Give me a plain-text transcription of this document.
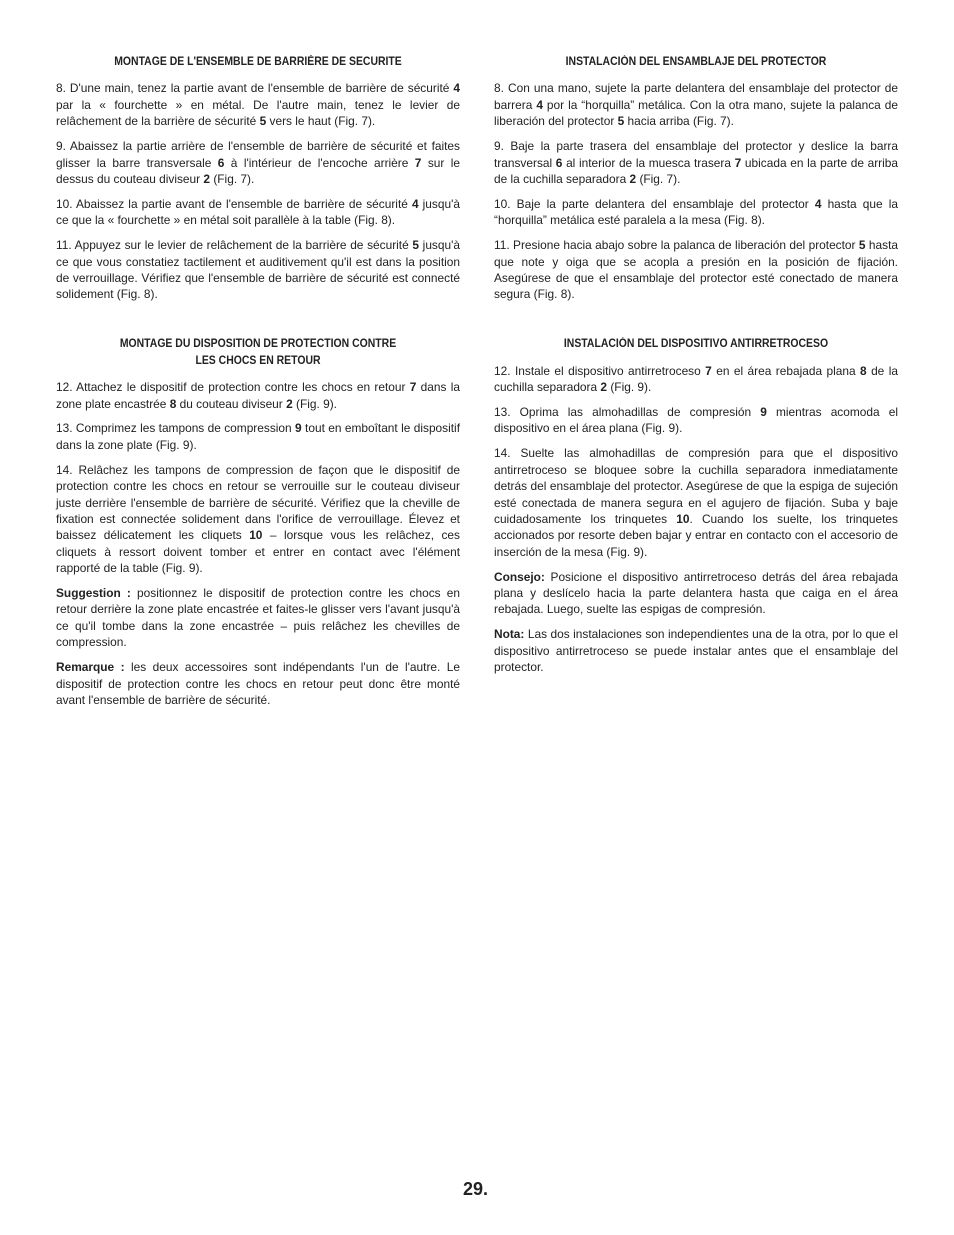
MONTAGE DE L'ENSEMBLE DE BARRIÈRE DE SECURITE

8. D'une main, tenez la partie avant de l'ensemble de barrière de sécurité 4 par la « fourchette » en métal. De l'autre main, tenez le levier de relâchement de la barrière de sécurité 5 vers le haut (Fig. 7).

9. Abaissez la partie arrière de l'ensemble de barrière de sécurité et faites glisser la barre transversale 6 à l'intérieur de l'encoche arrière 7 sur le dessus du couteau diviseur 2 (Fig. 7).

10. Abaissez la partie avant de l'ensemble de barrière de sécurité 4 jusqu'à ce que la « fourchette » en métal soit parallèle à la table (Fig. 8).

11. Appuyez sur le levier de relâchement de la barrière de sécurité 5 jusqu'à ce que vous constatiez tactilement et auditivement qu'il est dans la position de verrouillage. Vérifiez que l'ensemble de barrière de sécurité est connecté solidement (Fig. 8).

MONTAGE DU DISPOSITION DE PROTECTION CONTRE
LES CHOCS EN RETOUR

12. Attachez le dispositif de protection contre les chocs en retour 7 dans la zone plate encastrée 8 du couteau diviseur 2 (Fig. 9).

13. Comprimez les tampons de compression 9 tout en emboîtant le dispositif dans la zone plate (Fig. 9).

14. Relâchez les tampons de compression de façon que le dispositif de protection contre les chocs en retour se verrouille sur le couteau diviseur juste derrière l'ensemble de barrière de sécurité. Vérifiez que la cheville de fixation est connectée solidement dans l'orifice de verrouillage. Élevez et baissez délicatement les cliquets 10 – lorsque vous les relâchez, ces cliquets à ressort doivent tomber et entrer en contact avec l'élément rapporté de la table (Fig. 9).

Suggestion : positionnez le dispositif de protection contre les chocs en retour derrière la zone plate encastrée et faites-le glisser vers l'avant jusqu'à ce qu'il tombe dans la zone encastrée – puis relâchez les chevilles de compression.

Remarque : les deux accessoires sont indépendants l'un de l'autre. Le dispositif de protection contre les chocs en retour peut donc être monté avant l'ensemble de barrière de sécurité.

INSTALACIÓN DEL ENSAMBLAJE DEL PROTECTOR

8. Con una mano, sujete la parte delantera del ensamblaje del protector de barrera 4 por la “horquilla” metálica. Con la otra mano, sujete la palanca de liberación del protector 5 hacia arriba (Fig. 7).

9. Baje la parte trasera del ensamblaje del protector y deslice la barra transversal 6 al interior de la muesca trasera 7 ubicada en la parte de arriba de la cuchilla separadora 2 (Fig. 7).

10. Baje la parte delantera del ensamblaje del protector 4 hasta que la “horquilla” metálica esté paralela a la mesa (Fig. 8).

11. Presione hacia abajo sobre la palanca de liberación del protector 5 hasta que note y oiga que se acopla a presión en la posición de fijación. Asegúrese de que el ensamblaje del protector esté conectado de manera segura (Fig. 8).

INSTALACIÓN DEL DISPOSITIVO ANTIRRETROCESO

12. Instale el dispositivo antirretroceso 7 en el área rebajada plana 8 de la cuchilla separadora 2 (Fig. 9).

13. Oprima las almohadillas de compresión 9 mientras acomoda el dispositivo en el área plana (Fig. 9).

14. Suelte las almohadillas de compresión para que el dispositivo antirretroceso se bloquee sobre la cuchilla separadora inmediatamente detrás del ensamblaje del protector. Asegúrese de que la espiga de sujeción esté conectada de manera segura en el agujero de fijación. Suba y baje cuidadosamente los trinquetes 10. Cuando los suelte, los trinquetes accionados por resorte deben bajar y entrar en contacto con el accesorio de inserción de la mesa (Fig. 9).

Consejo: Posicione el dispositivo antirretroceso detrás del área rebajada plana y deslícelo hacia la parte delantera hasta que caiga en el área rebajada. Luego, suelte las espigas de compresión.

Nota: Las dos instalaciones son independientes una de la otra, por lo que el dispositivo antirretroceso se puede instalar antes que el ensamblaje del protector.

29.
